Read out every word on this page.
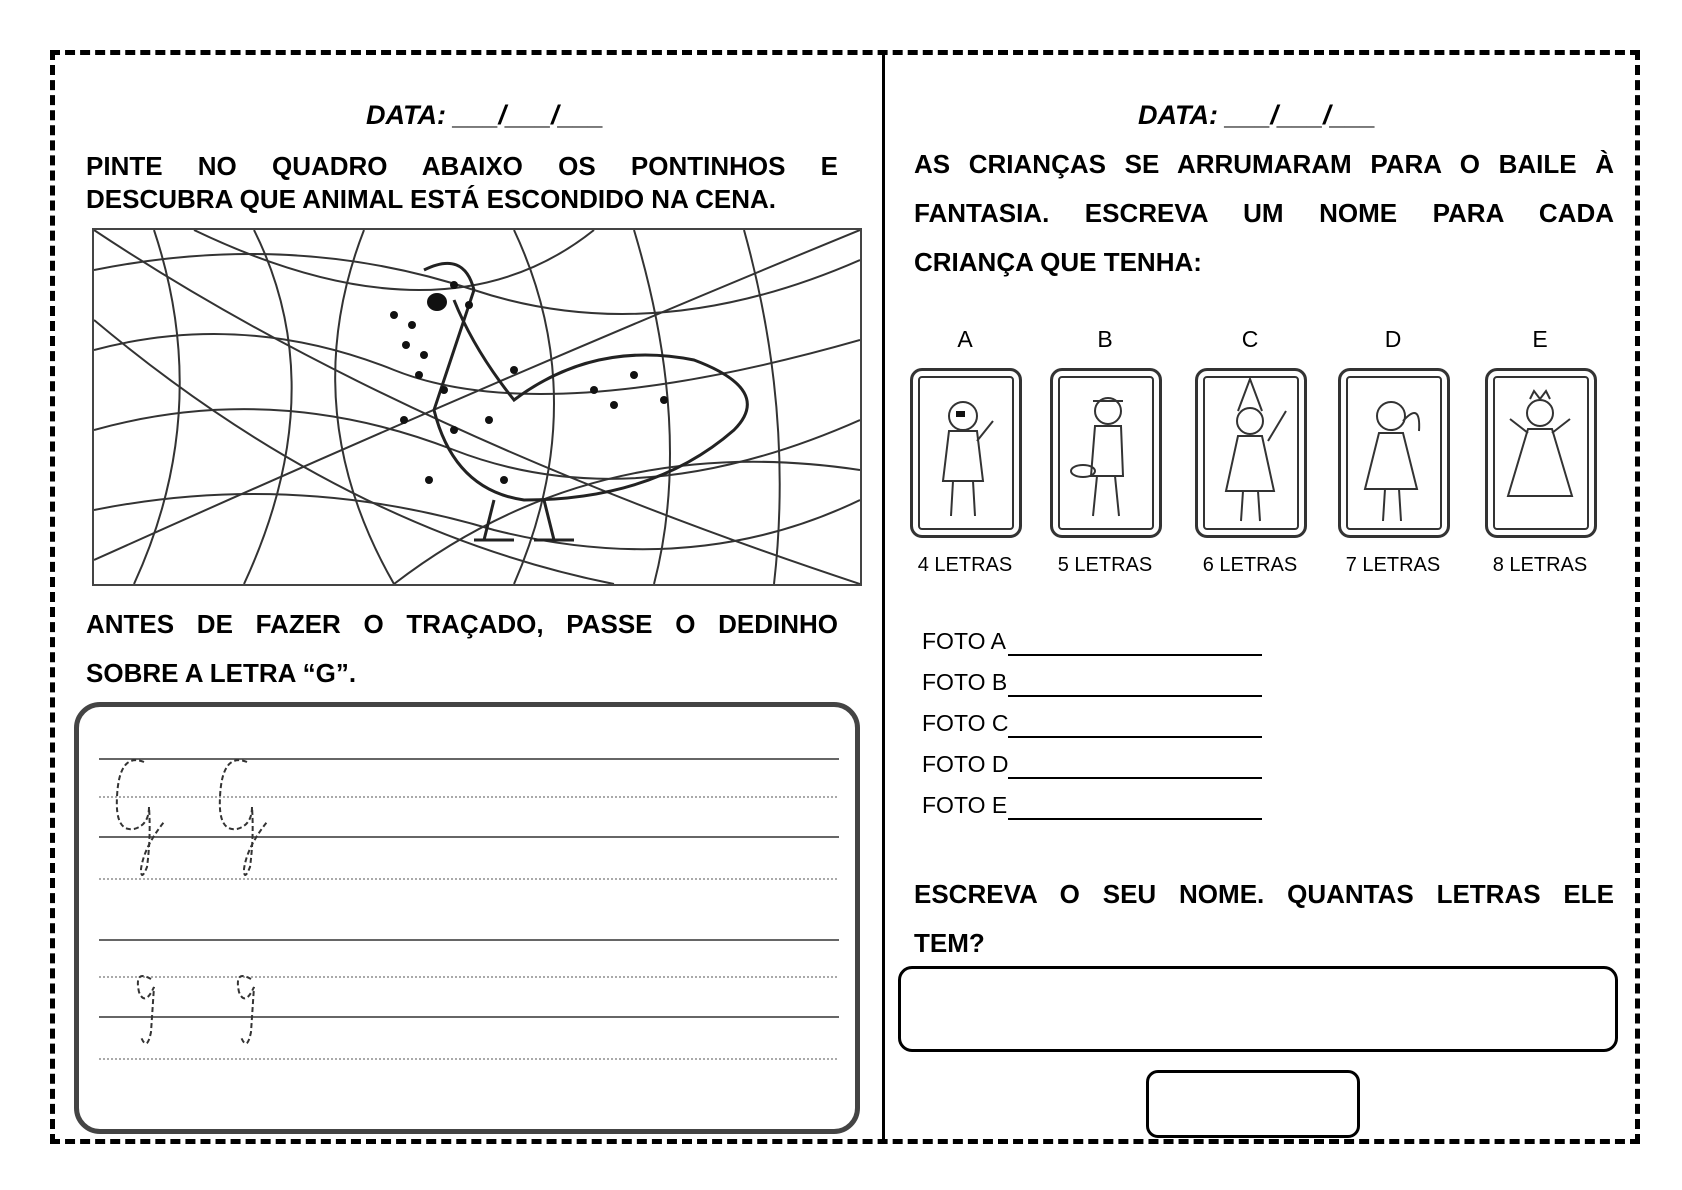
DATA: ___/___/___
PINTE NO QUADRO ABAIXO OS PONTINHOS E
DESCUBRA QUE ANIMAL ESTÁ ESCONDIDO NA CENA.
ANTES DE FAZER O TRAÇADO, PASSE O DEDINHO
SOBRE A LETRA “G”.
DATA: ___/___/___
AS CRIANÇAS SE ARRUMARAM PARA O BAILE À
FANTASIA. ESCREVA UM NOME PARA CADA
CRIANÇA QUE TENHA:
A
4 LETRAS
B
5 LETRAS
C
6 LETRAS
D
7 LETRAS
E
8 LETRAS
FOTO A
FOTO B
FOTO C
FOTO D
FOTO E
ESCREVA O SEU NOME. QUANTAS LETRAS ELE
TEM?
